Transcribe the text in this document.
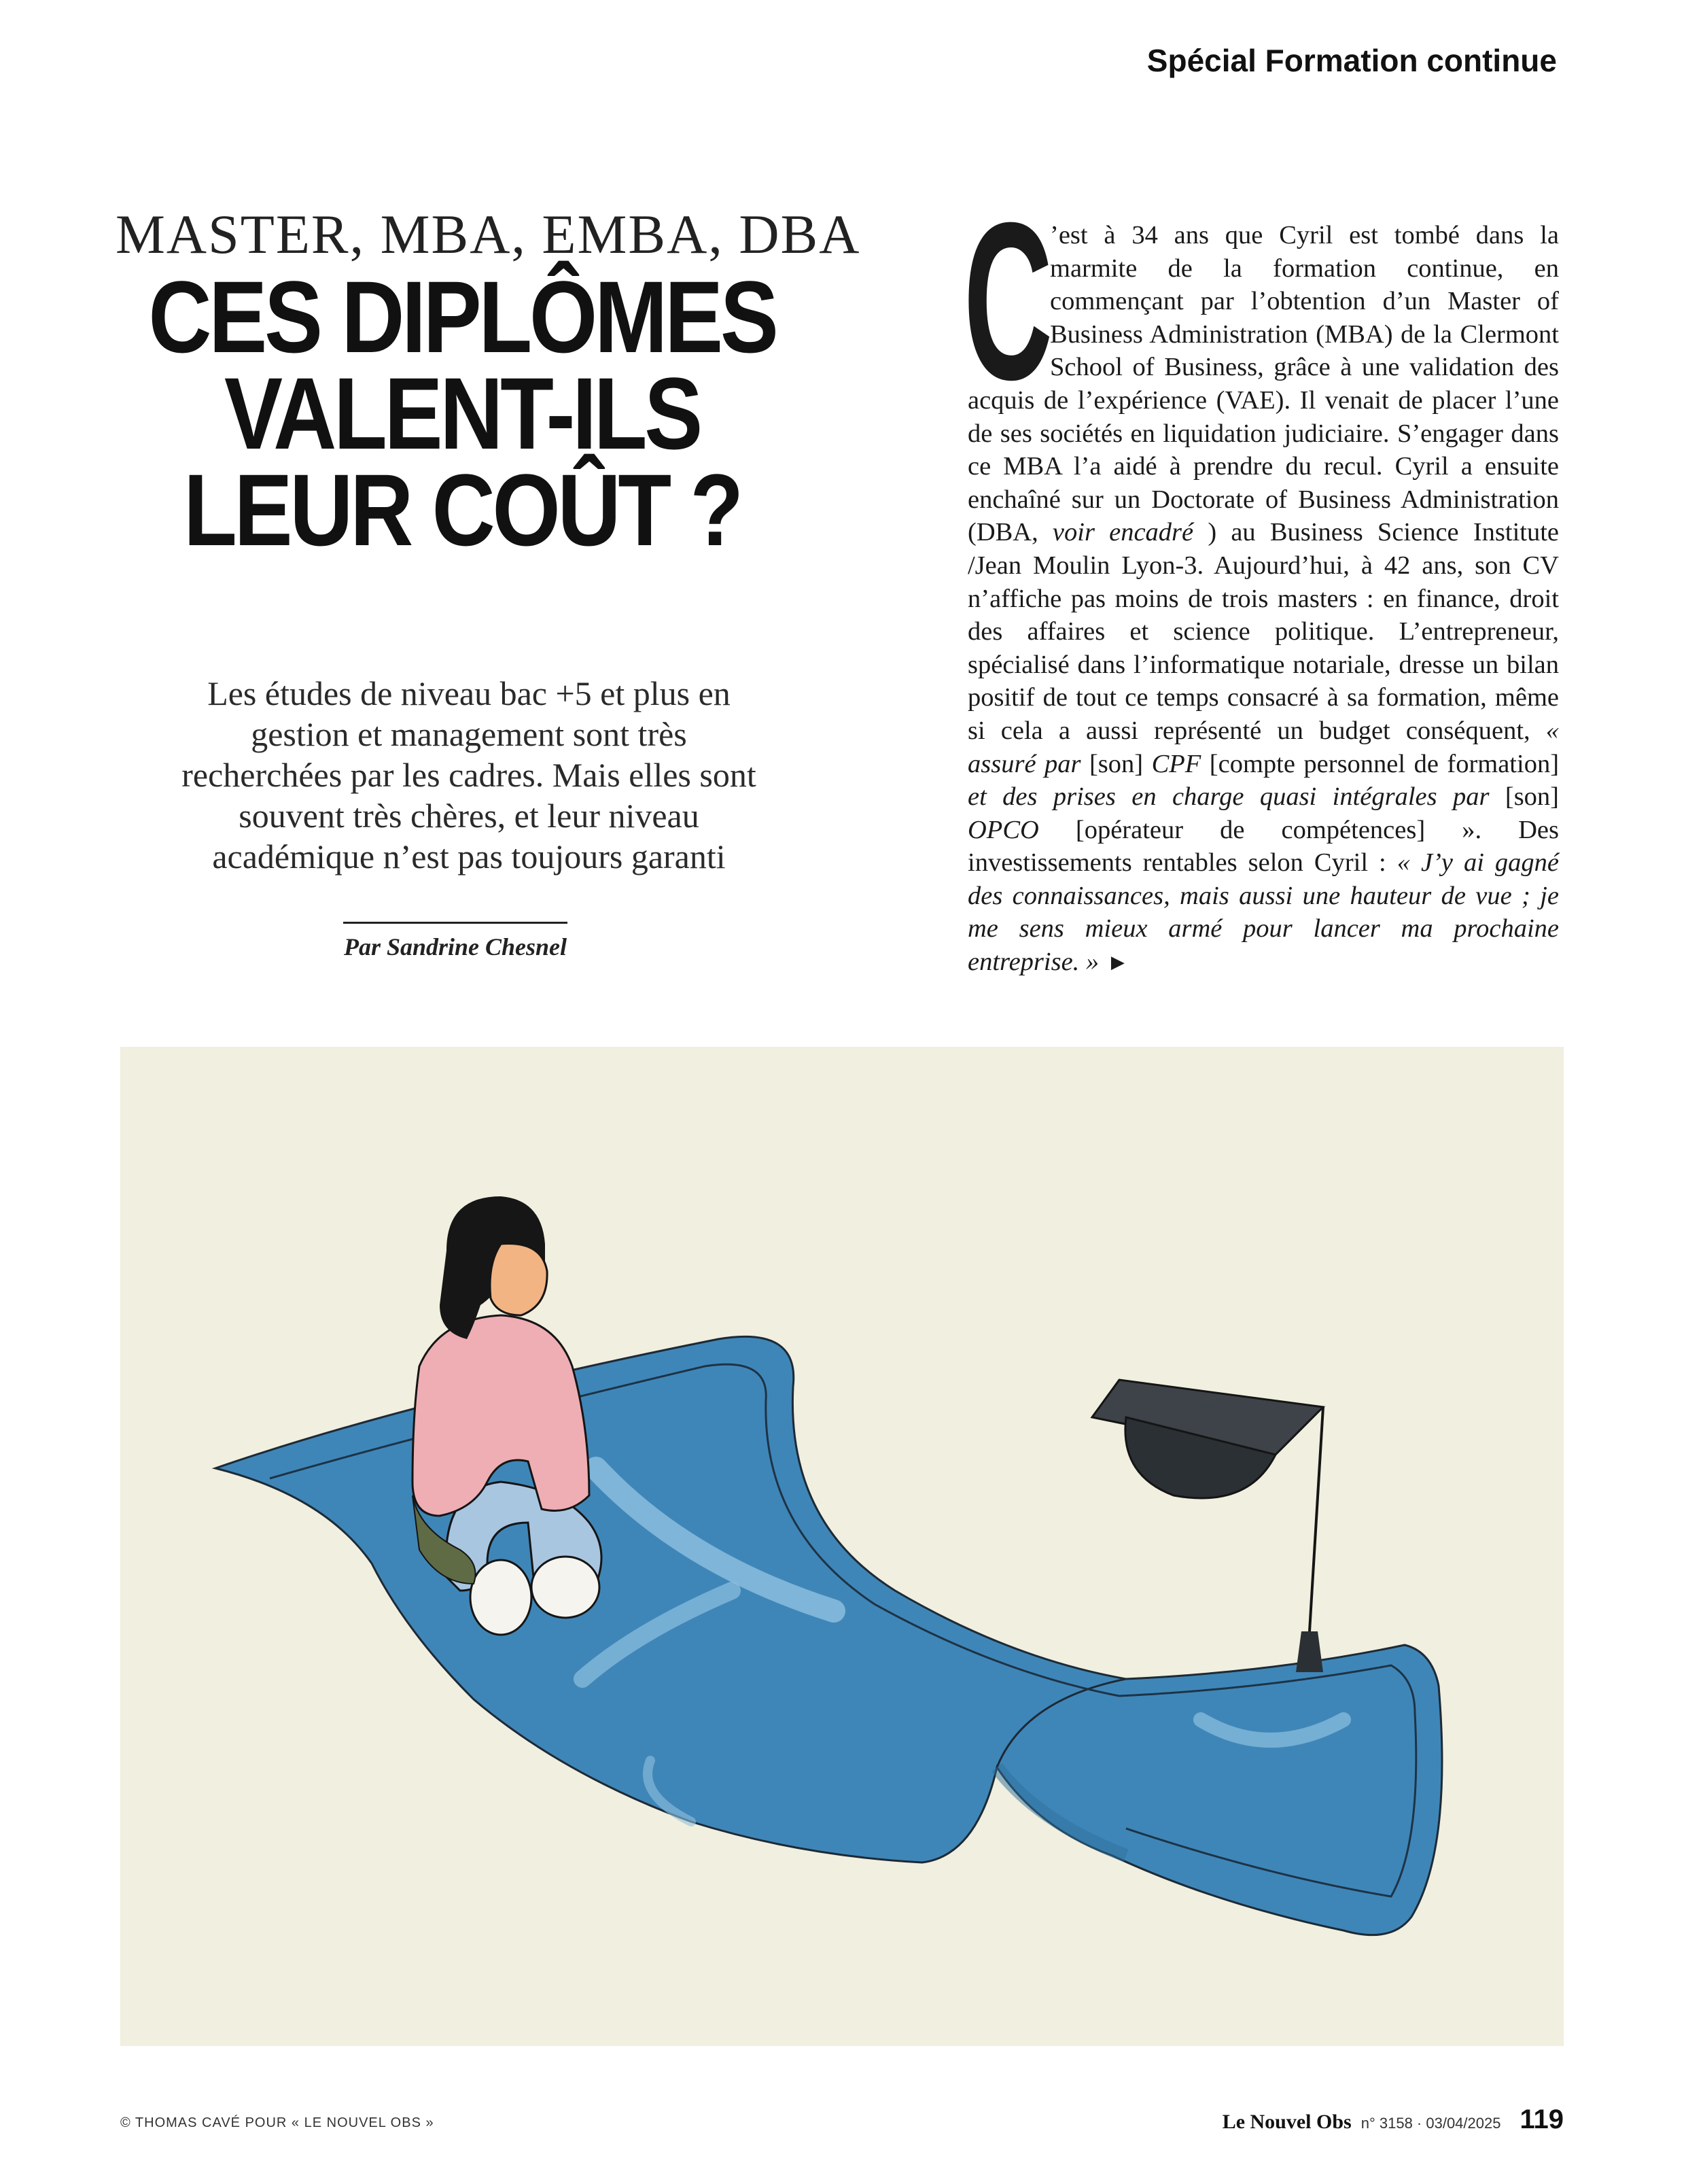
Spécial Formation continue
MASTER, MBA, EMBA, DBA
CES DIPLÔMES
VALENT-ILS
LEUR COÛT ?
Les études de niveau bac +5 et plus en gestion et management sont très recherchées par les cadres. Mais elles sont souvent très chères, et leur niveau académique n’est pas toujours garanti
Par Sandrine Chesnel
C
’est à 34 ans que Cyril est tombé dans la marmite de la formation continue, en commençant par l’obtention d’un Master of Business Administration (MBA) de la Clermont School of Business, grâce à une validation des acquis de l’expérience (VAE). Il venait de placer l’une de ses sociétés en liquidation judiciaire. S’engager dans ce MBA l’a aidé à prendre du recul. Cyril a ensuite enchaîné sur un Doctorate of Business Administration (DBA, voir encadré ) au Business Science Institute /Jean Moulin Lyon-3. Aujourd’hui, à 42 ans, son CV n’affiche pas moins de trois masters : en finance, droit des affaires et science politique. L’entrepreneur, spécialisé dans l’informatique notariale, dresse un bilan positif de tout ce temps consacré à sa formation, même si cela a aussi représenté un budget conséquent, « assuré par [son] CPF [compte personnel de formation] et des prises en charge quasi intégrales par [son] OPCO [opérateur de compétences] ». Des investissements rentables selon Cyril : « J’y ai gagné des connaissances, mais aussi une hauteur de vue ; je me sens mieux armé pour lancer ma prochaine entreprise. » ▶
© THOMAS CAVÉ POUR « LE NOUVEL OBS »	Le Nouvel Obs n° 3158 · 03/04/2025 119
